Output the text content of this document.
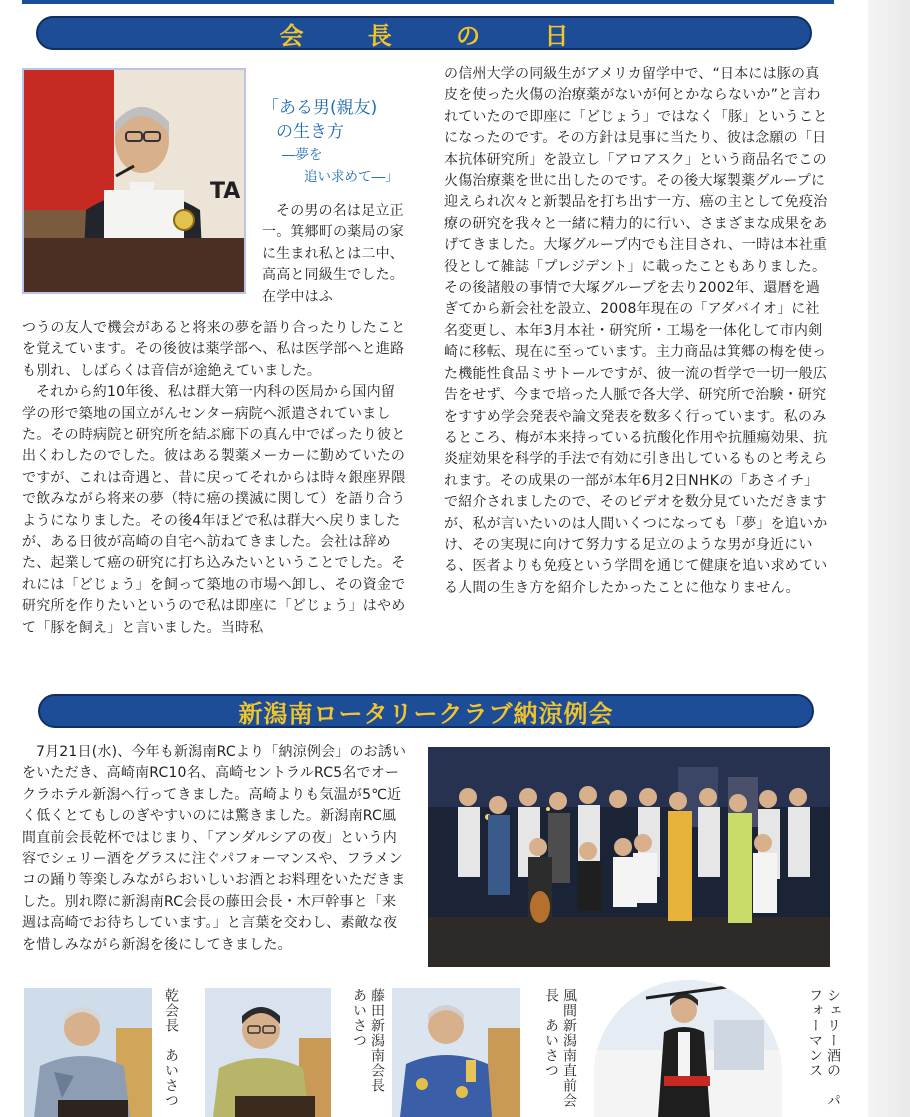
会 長 の 日
TA
「ある男(親友)
の生き方
―夢を
追い求めて―」

その男の名は足立正一。箕郷町の薬局の家に生まれ私とは二中、高高と同級生でした。在学中はふ

つうの友人で機会があると将来の夢を語り合ったりしたことを覚えています。その後彼は薬学部へ、私は医学部へと進路も別れ、しばらくは音信が途絶えていました。

それから約10年後、私は群大第一内科の医局から国内留学の形で築地の国立がんセンター病院へ派遣されていました。その時病院と研究所を結ぶ廊下の真ん中でばったり彼と出くわしたのでした。彼はある製薬メーカーに勤めていたのですが、これは奇遇と、昔に戻ってそれからは時々銀座界隈で飲みながら将来の夢（特に癌の撲滅に関して）を語り合うようになりました。その後4年ほどで私は群大へ戻りましたが、ある日彼が高崎の自宅へ訪ねてきました。会社は辞めた、起業して癌の研究に打ち込みたいということでした。それには「どじょう」を飼って築地の市場へ卸し、その資金で研究所を作りたいというので私は即座に「どじょう」はやめて「豚を飼え」と言いました。当時私

の信州大学の同級生がアメリカ留学中で、“日本には豚の真皮を使った火傷の治療薬がないが何とかならないか”と言われていたので即座に「どじょう」ではなく「豚」ということになったのです。その方針は見事に当たり、彼は念願の「日本抗体研究所」を設立し「アロアスク」という商品名でこの火傷治療薬を世に出したのです。その後大塚製薬グループに迎えられ次々と新製品を打ち出す一方、癌の主として免疫治療の研究を我々と一緒に精力的に行い、さまざまな成果をあげてきました。大塚グループ内でも注目され、一時は本社重役として雑誌「プレジデント」に載ったこともありました。その後諸般の事情で大塚グループを去り2002年、還暦を過ぎてから新会社を設立、2008年現在の「アダバイオ」に社名変更し、本年3月本社・研究所・工場を一体化して市内剣崎に移転、現在に至っています。主力商品は箕郷の梅を使った機能性食品ミサトールですが、彼一流の哲学で一切一般広告をせず、今まで培った人脈で各大学、研究所で治験・研究をすすめ学会発表や論文発表を数多く行っています。私のみるところ、梅が本来持っている抗酸化作用や抗腫瘍効果、抗炎症効果を科学的手法で有効に引き出しているものと考えられます。その成果の一部が本年6月2日NHKの「あさイチ」で紹介されましたので、そのビデオを数分見ていただきますが、私が言いたいのは人間いくつになっても「夢」を追いかけ、その実現に向けて努力する足立のような男が身近にいる、医者よりも免疫という学問を通じて健康を追い求めている人間の生き方を紹介したかったことに他なりません。

新潟南ロータリークラブ納涼例会

7月21日(水)、今年も新潟南RCより「納涼例会」のお誘いをいただき、高崎南RC10名、高崎セントラルRC5名でオークラホテル新潟へ行ってきました。高崎よりも気温が5℃近く低くとてもしのぎやすいのには驚きました。新潟南RC風間直前会長乾杯ではじまり、「アンダルシアの夜」という内容でシェリー酒をグラスに注ぐパフォーマンスや、フラメンコの踊り等楽しみながらおいしいお酒とお料理をいただきました。別れ際に新潟南RC会長の藤田会長・木戸幹事と「来週は高崎でお待ちしています。」と言葉を交わし、素敵な夜を惜しみながら新潟を後にしてきました。

乾会長　あいさつ	藤田新潟南会長　あいさつ	風間新潟南直前会長　あいさつ	シェリー酒の　パフォーマンス
